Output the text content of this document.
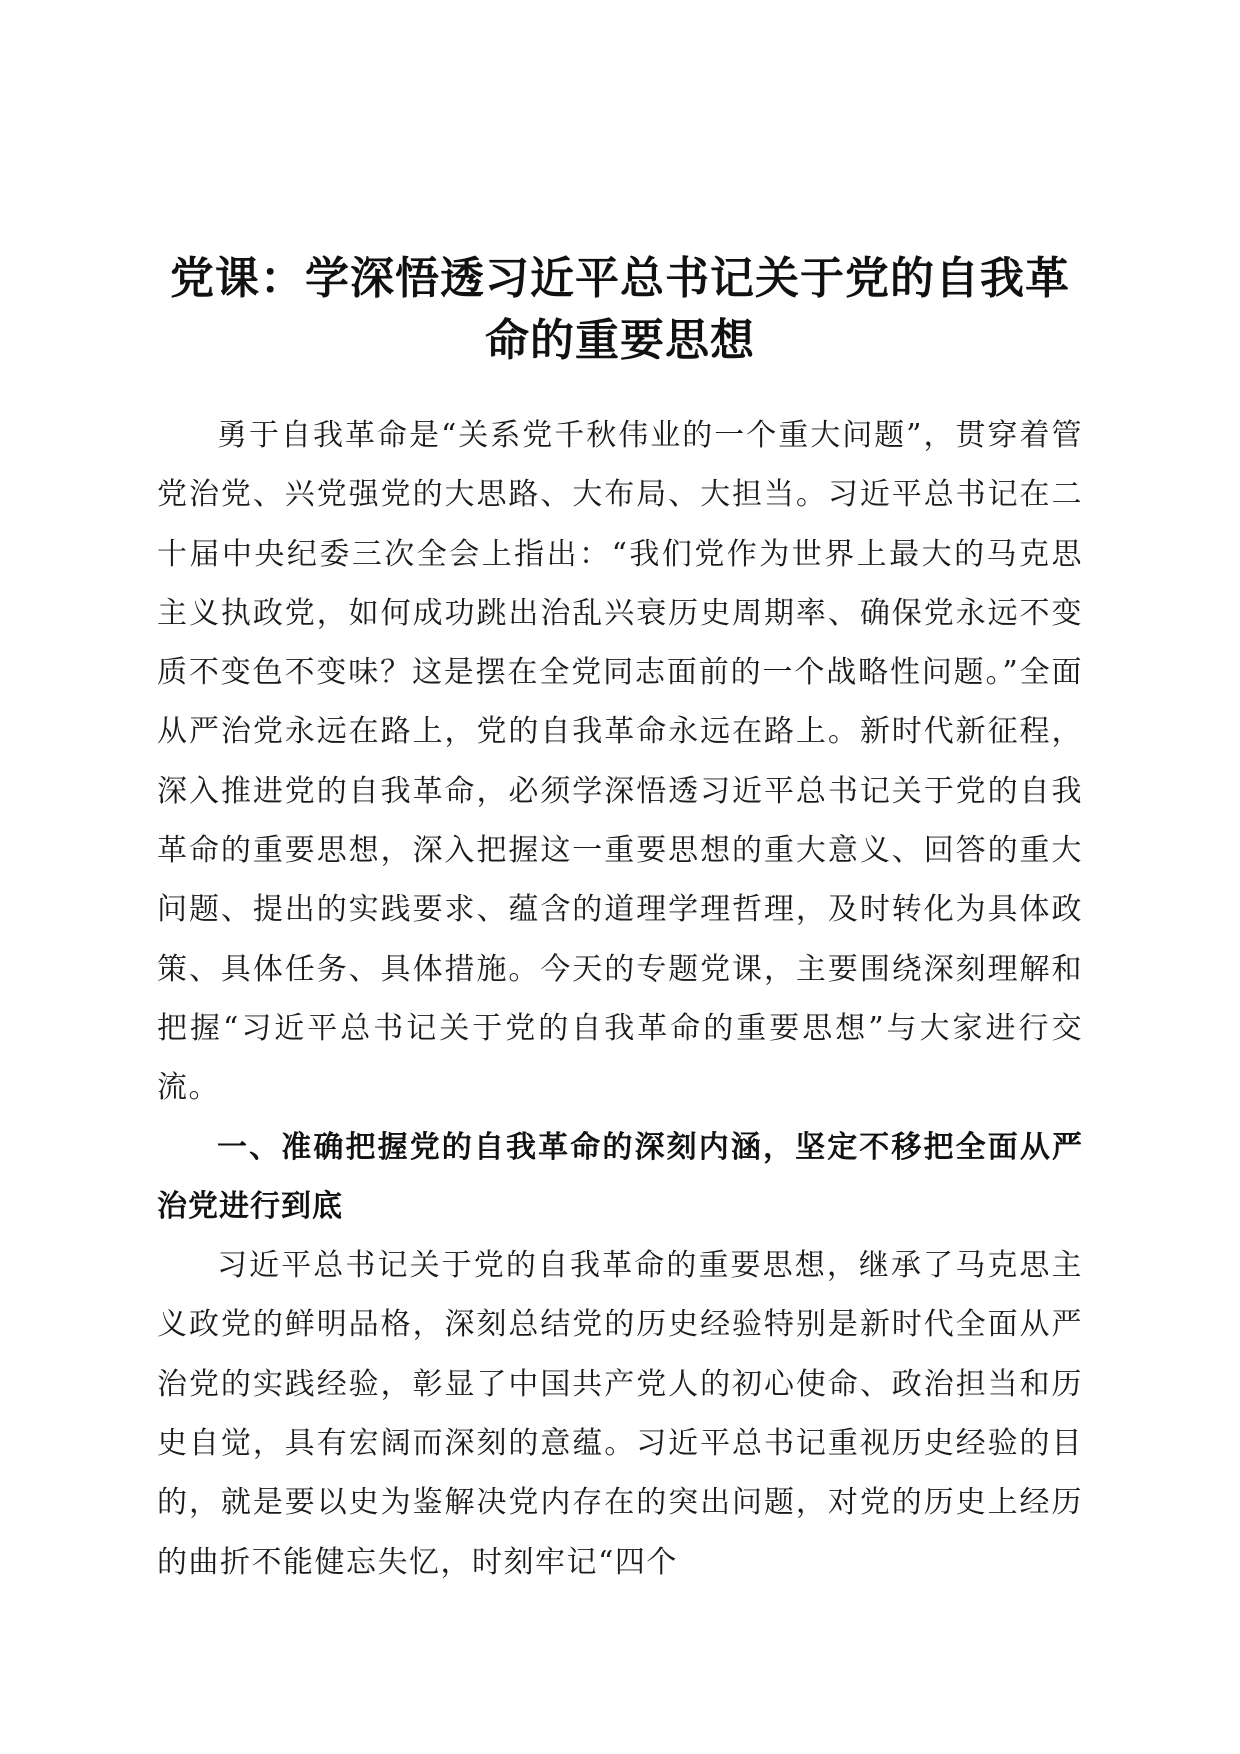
党课：学深悟透习近平总书记关于党的自我革
命的重要思想

勇于自我革命是“关系党千秋伟业的一个重大问题”，贯穿着管党治党、兴党强党的大思路、大布局、大担当。习近平总书记在二十届中央纪委三次全会上指出：“我们党作为世界上最大的马克思主义执政党，如何成功跳出治乱兴衰历史周期率、确保党永远不变质不变色不变味？这是摆在全党同志面前的一个战略性问题。”全面从严治党永远在路上，党的自我革命永远在路上。新时代新征程，深入推进党的自我革命，必须学深悟透习近平总书记关于党的自我革命的重要思想，深入把握这一重要思想的重大意义、回答的重大问题、提出的实践要求、蕴含的道理学理哲理，及时转化为具体政策、具体任务、具体措施。今天的专题党课，主要围绕深刻理解和把握“习近平总书记关于党的自我革命的重要思想”与大家进行交流。

一、准确把握党的自我革命的深刻内涵，坚定不移把全面从严治党进行到底

习近平总书记关于党的自我革命的重要思想，继承了马克思主义政党的鲜明品格，深刻总结党的历史经验特别是新时代全面从严治党的实践经验，彰显了中国共产党人的初心使命、政治担当和历史自觉，具有宏阔而深刻的意蕴。习近平总书记重视历史经验的目的，就是要以史为鉴解决党内存在的突出问题，对党的历史上经历的曲折不能健忘失忆，时刻牢记“四个
